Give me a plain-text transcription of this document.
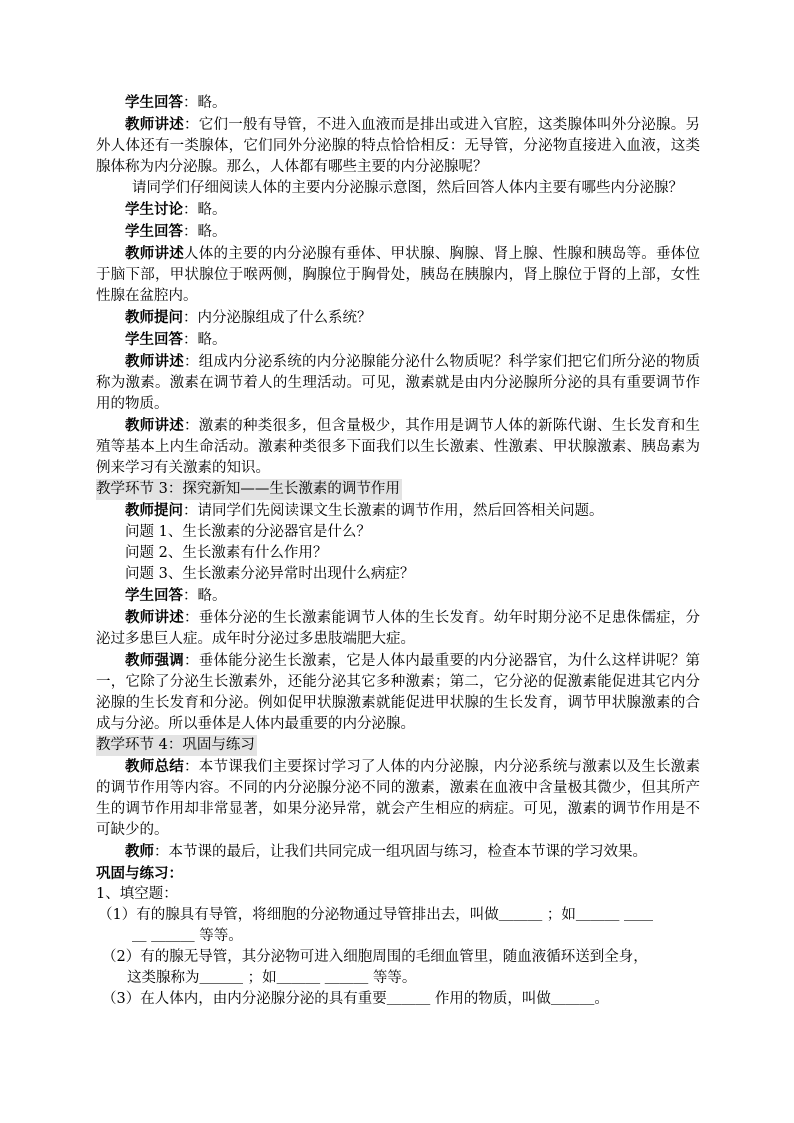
学生回答：略。

教师讲述：它们一般有导管，不进入血液而是排出或进入官腔，这类腺体叫外分泌腺。另外人体还有一类腺体，它们同外分泌腺的特点恰恰相反：无导管，分泌物直接进入血液，这类腺体称为内分泌腺。那么，人体都有哪些主要的内分泌腺呢？

请同学们仔细阅读人体的主要内分泌腺示意图，然后回答人体内主要有哪些内分泌腺？

学生讨论：略。

学生回答：略。

教师讲述人体的主要的内分泌腺有垂体、甲状腺、胸腺、肾上腺、性腺和胰岛等。垂体位于脑下部，甲状腺位于喉两侧，胸腺位于胸骨处，胰岛在胰腺内，肾上腺位于肾的上部，女性性腺在盆腔内。

教师提问：内分泌腺组成了什么系统？

学生回答：略。

教师讲述：组成内分泌系统的内分泌腺能分泌什么物质呢？科学家们把它们所分泌的物质称为激素。激素在调节着人的生理活动。可见，激素就是由内分泌腺所分泌的具有重要调节作用的物质。

教师讲述：激素的种类很多，但含量极少，其作用是调节人体的新陈代谢、生长发育和生殖等基本上内生命活动。激素种类很多下面我们以生长激素、性激素、甲状腺激素、胰岛素为例来学习有关激素的知识。

教学环节 3：探究新知——生长激素的调节作用

教师提问：请同学们先阅读课文生长激素的调节作用，然后回答相关问题。

问题 1、生长激素的分泌器官是什么？

问题 2、生长激素有什么作用？

问题 3、生长激素分泌异常时出现什么病症？

学生回答：略。

教师讲述：垂体分泌的生长激素能调节人体的生长发育。幼年时期分泌不足患侏儒症，分泌过多患巨人症。成年时分泌过多患肢端肥大症。

教师强调：垂体能分泌生长激素，它是人体内最重要的内分泌器官，为什么这样讲呢？第一，它除了分泌生长激素外，还能分泌其它多种激素；第二，它分泌的促激素能促进其它内分泌腺的生长发育和分泌。例如促甲状腺激素就能促进甲状腺的生长发育，调节甲状腺激素的合成与分泌。所以垂体是人体内最重要的内分泌腺。

教学环节 4：巩固与练习

教师总结：本节课我们主要探讨学习了人体的内分泌腺，内分泌系统与激素以及生长激素的调节作用等内容。不同的内分泌腺分泌不同的激素，激素在血液中含量极其微少，但其所产生的调节作用却非常显著，如果分泌异常，就会产生相应的病症。可见，激素的调节作用是不可缺少的。

教师：本节课的最后，让我们共同完成一组巩固与练习，检查本节课的学习效果。

巩固与练习：

1、填空题：

（1）有的腺具有导管，将细胞的分泌物通过导管排出去，叫做＿＿＿ ；如＿＿＿ ＿＿
＿ ＿＿＿ 等等。

（2）有的腺无导管，其分泌物可进入细胞周围的毛细血管里，随血液循环送到全身，
这类腺称为＿＿＿ ；如＿＿＿ ＿＿＿ 等等。

（3）在人体内，由内分泌腺分泌的具有重要＿＿＿ 作用的物质，叫做＿＿＿。
